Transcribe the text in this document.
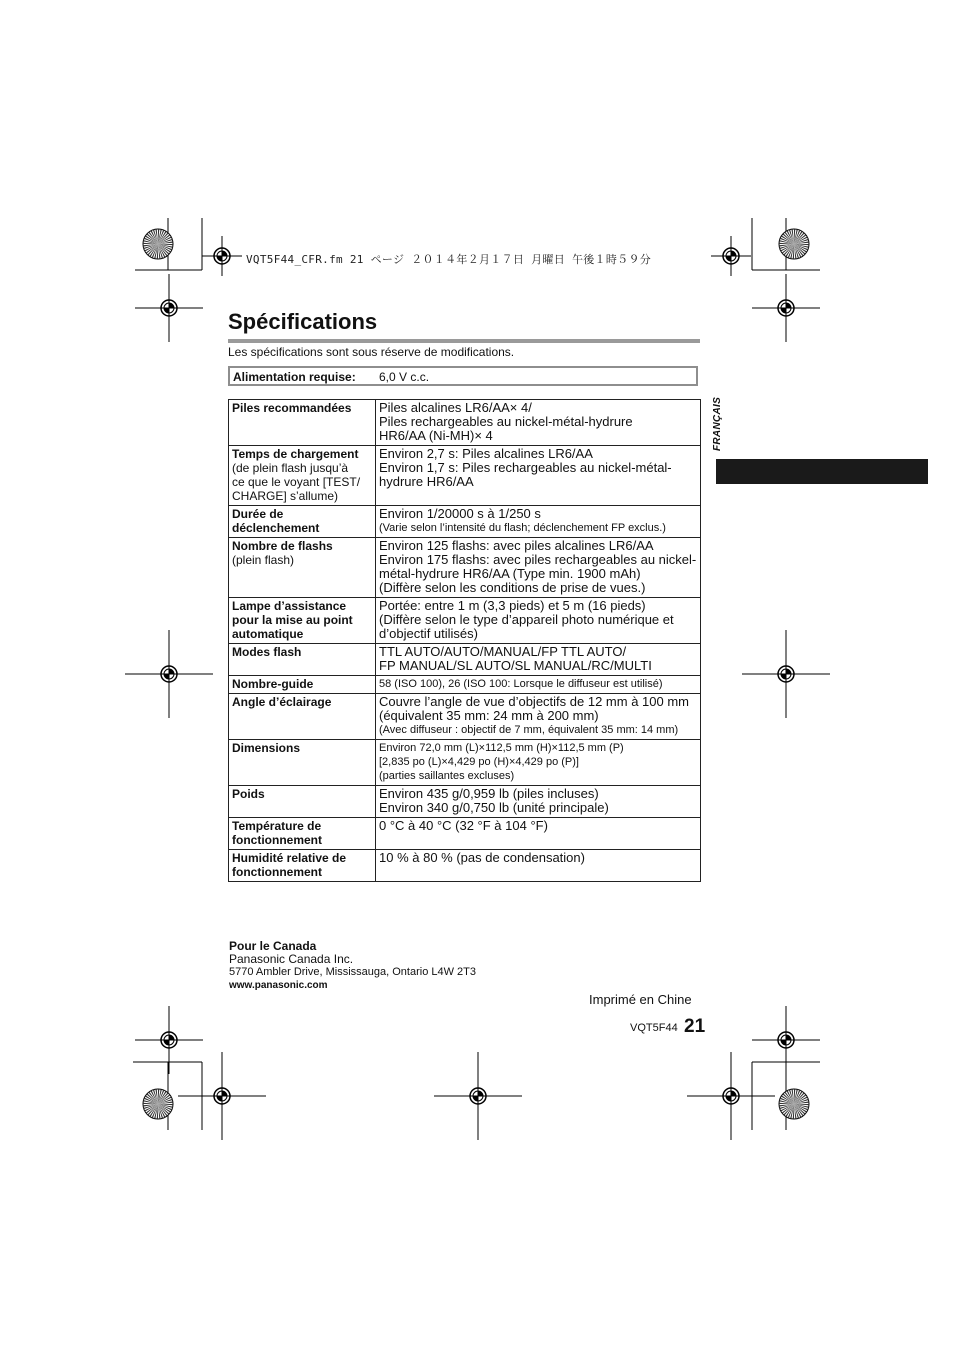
VQT5F44_CFR.fm 21 ページ ２０１４年２月１７日 月曜日 午後１時５９分
Spécifications
Les spécifications sont sous réserve de modifications.
Alimentation requise: 6,0 V c.c.
Piles recommandées	Piles alcalines LR6/AA× 4/
Piles rechargeables au nickel-métal-hydrure
HR6/AA (Ni-MH)× 4

Temps de chargement
(de plein flash jusqu’à
ce que le voyant [TEST/
CHARGE] s’allume)	Environ 2,7 s: Piles alcalines LR6/AA
Environ 1,7 s: Piles rechargeables au nickel-métal-
hydrure HR6/AA

Durée de
déclenchement	Environ 1/20000 s à 1/250 s
(Varie selon l’intensité du flash; déclenchement FP exclus.)

Nombre de flashs
(plein flash)	Environ 125 flashs: avec piles alcalines LR6/AA
Environ 175 flashs: avec piles rechargeables au nickel-
métal-hydrure HR6/AA (Type min. 1900 mAh)
(Diffère selon les conditions de prise de vues.)

Lampe d’assistance
pour la mise au point
automatique	Portée: entre 1 m (3,3 pieds) et 5 m (16 pieds)
(Diffère selon le type d’appareil photo numérique et
d’objectif utilisés)

Modes flash	TTL AUTO/AUTO/MANUAL/FP TTL AUTO/
FP MANUAL/SL AUTO/SL MANUAL/RC/MULTI

Nombre-guide	58 (ISO 100), 26 (ISO 100: Lorsque le diffuseur est utilisé)

Angle d’éclairage	Couvre l’angle de vue d’objectifs de 12 mm à 100 mm
(équivalent 35 mm: 24 mm à 200 mm)
(Avec diffuseur : objectif de 7 mm, équivalent 35 mm: 14 mm)

Dimensions	Environ 72,0 mm (L)×112,5 mm (H)×112,5 mm (P)
[2,835 po (L)×4,429 po (H)×4,429 po (P)]
(parties saillantes excluses)

Poids	Environ 435 g/0,959 lb (piles incluses)
Environ 340 g/0,750 lb (unité principale)

Température de
fonctionnement	0 °C à 40 °C (32 °F à 104 °F)

Humidité relative de
fonctionnement	10 % à 80 % (pas de condensation)
FRANÇAIS
Pour le Canada
Panasonic Canada Inc.
5770 Ambler Drive, Mississauga, Ontario L4W 2T3
www.panasonic.com
Imprimé en Chine
VQT5F44 21
